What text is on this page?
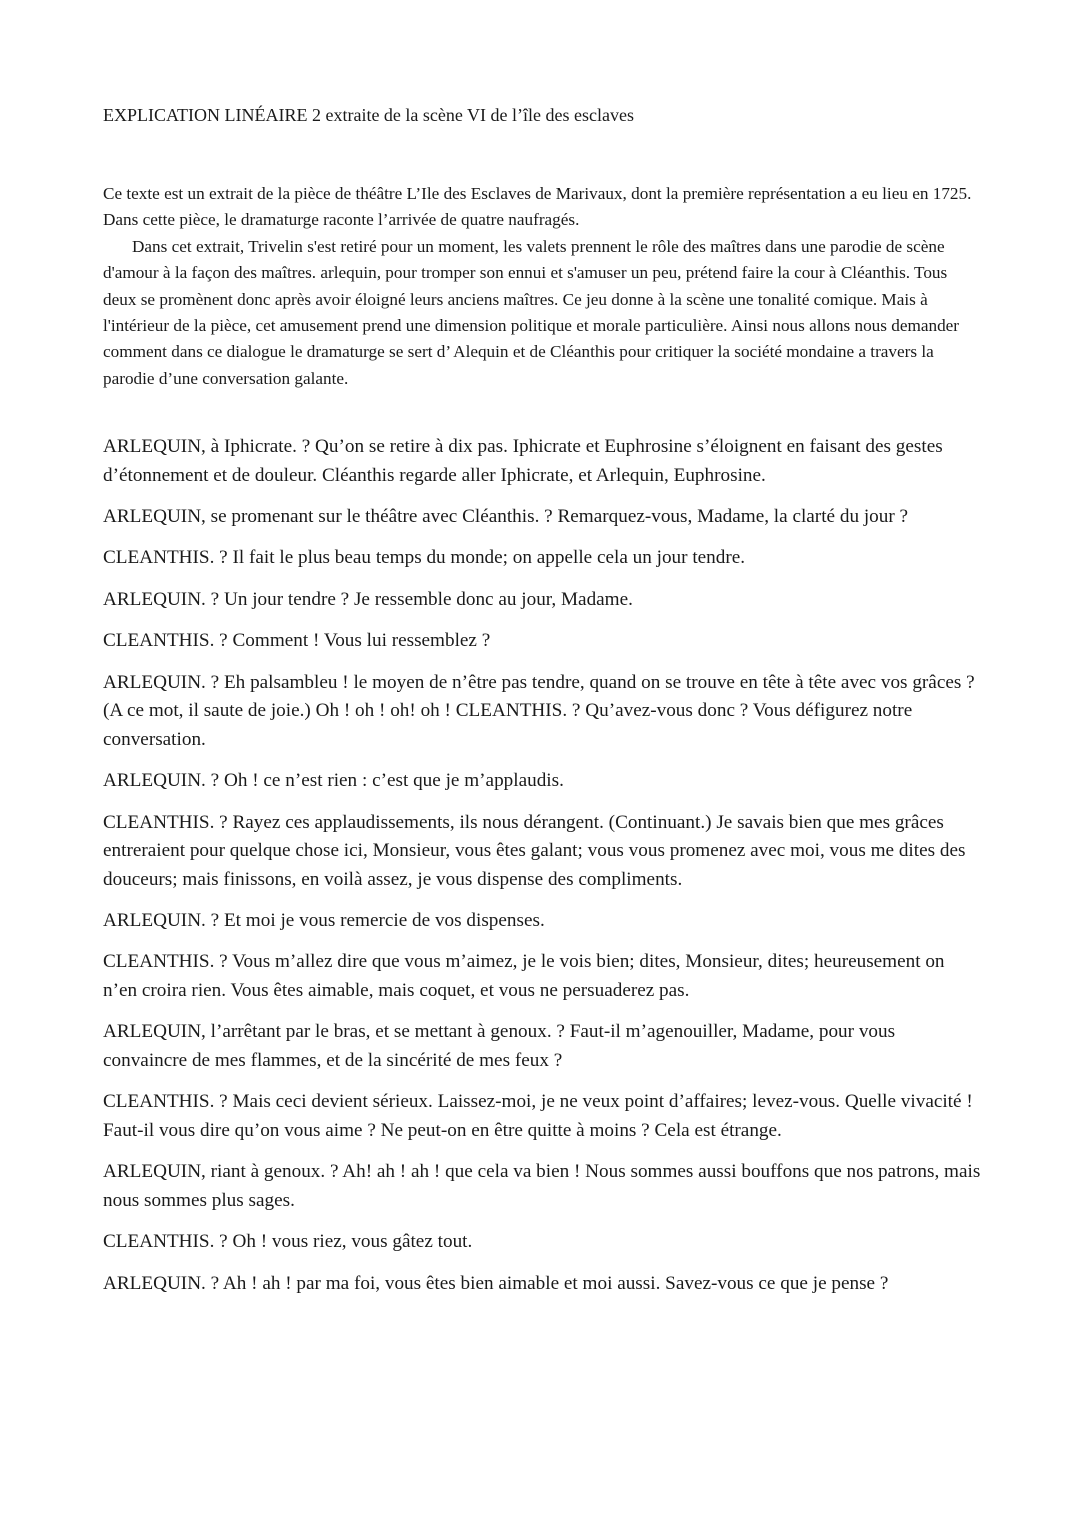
EXPLICATION LINÉAIRE 2 extraite de la scène VI de l’île des esclaves

Ce texte est un extrait de la pièce de théâtre L’Ile des Esclaves de Marivaux, dont la première représentation a eu lieu en 1725. Dans cette pièce, le dramaturge raconte l’arrivée de quatre naufragés.

Dans cet extrait, Trivelin s'est retiré pour un moment, les valets prennent le rôle des maîtres dans une parodie de scène d'amour à la façon des maîtres. arlequin, pour tromper son ennui et s'amuser un peu, prétend faire la cour à Cléanthis. Tous deux se promènent donc après avoir éloigné leurs anciens maîtres. Ce jeu donne à la scène une tonalité comique. Mais à l'intérieur de la pièce, cet amusement prend une dimension politique et morale particulière. Ainsi nous allons nous demander comment dans ce dialogue le dramaturge se sert d’ Alequin et de Cléanthis pour critiquer la société mondaine a travers la parodie d’une conversation galante.

ARLEQUIN, à Iphicrate. ? Qu’on se retire à dix pas. Iphicrate et Euphrosine s’éloignent en faisant des gestes d’étonnement et de douleur. Cléanthis regarde aller Iphicrate, et Arlequin, Euphrosine.

ARLEQUIN, se promenant sur le théâtre avec Cléanthis. ? Remarquez-vous, Madame, la clarté du jour ?

CLEANTHIS. ? Il fait le plus beau temps du monde; on appelle cela un jour tendre.

ARLEQUIN. ? Un jour tendre ? Je ressemble donc au jour, Madame.

CLEANTHIS. ? Comment ! Vous lui ressemblez ?

ARLEQUIN. ? Eh palsambleu ! le moyen de n’être pas tendre, quand on se trouve en tête à tête avec vos grâces ? (A ce mot, il saute de joie.) Oh ! oh ! oh! oh ! CLEANTHIS. ? Qu’avez-vous donc ? Vous défigurez notre conversation.

ARLEQUIN. ? Oh ! ce n’est rien : c’est que je m’applaudis.

CLEANTHIS. ? Rayez ces applaudissements, ils nous dérangent. (Continuant.) Je savais bien que mes grâces entreraient pour quelque chose ici, Monsieur, vous êtes galant; vous vous promenez avec moi, vous me dites des douceurs; mais finissons, en voilà assez, je vous dispense des compliments.

ARLEQUIN. ? Et moi je vous remercie de vos dispenses.

CLEANTHIS. ? Vous m’allez dire que vous m’aimez, je le vois bien; dites, Monsieur, dites; heureusement on n’en croira rien. Vous êtes aimable, mais coquet, et vous ne persuaderez pas.

ARLEQUIN, l’arrêtant par le bras, et se mettant à genoux. ? Faut-il m’agenouiller, Madame, pour vous convaincre de mes flammes, et de la sincérité de mes feux ?

CLEANTHIS. ? Mais ceci devient sérieux. Laissez-moi, je ne veux point d’affaires; levez-vous. Quelle vivacité ! Faut-il vous dire qu’on vous aime ? Ne peut-on en être quitte à moins ? Cela est étrange.

ARLEQUIN, riant à genoux. ? Ah! ah ! ah ! que cela va bien ! Nous sommes aussi bouffons que nos patrons, mais nous sommes plus sages.

CLEANTHIS. ? Oh ! vous riez, vous gâtez tout.

ARLEQUIN. ? Ah ! ah ! par ma foi, vous êtes bien aimable et moi aussi. Savez-vous ce que je pense ?
